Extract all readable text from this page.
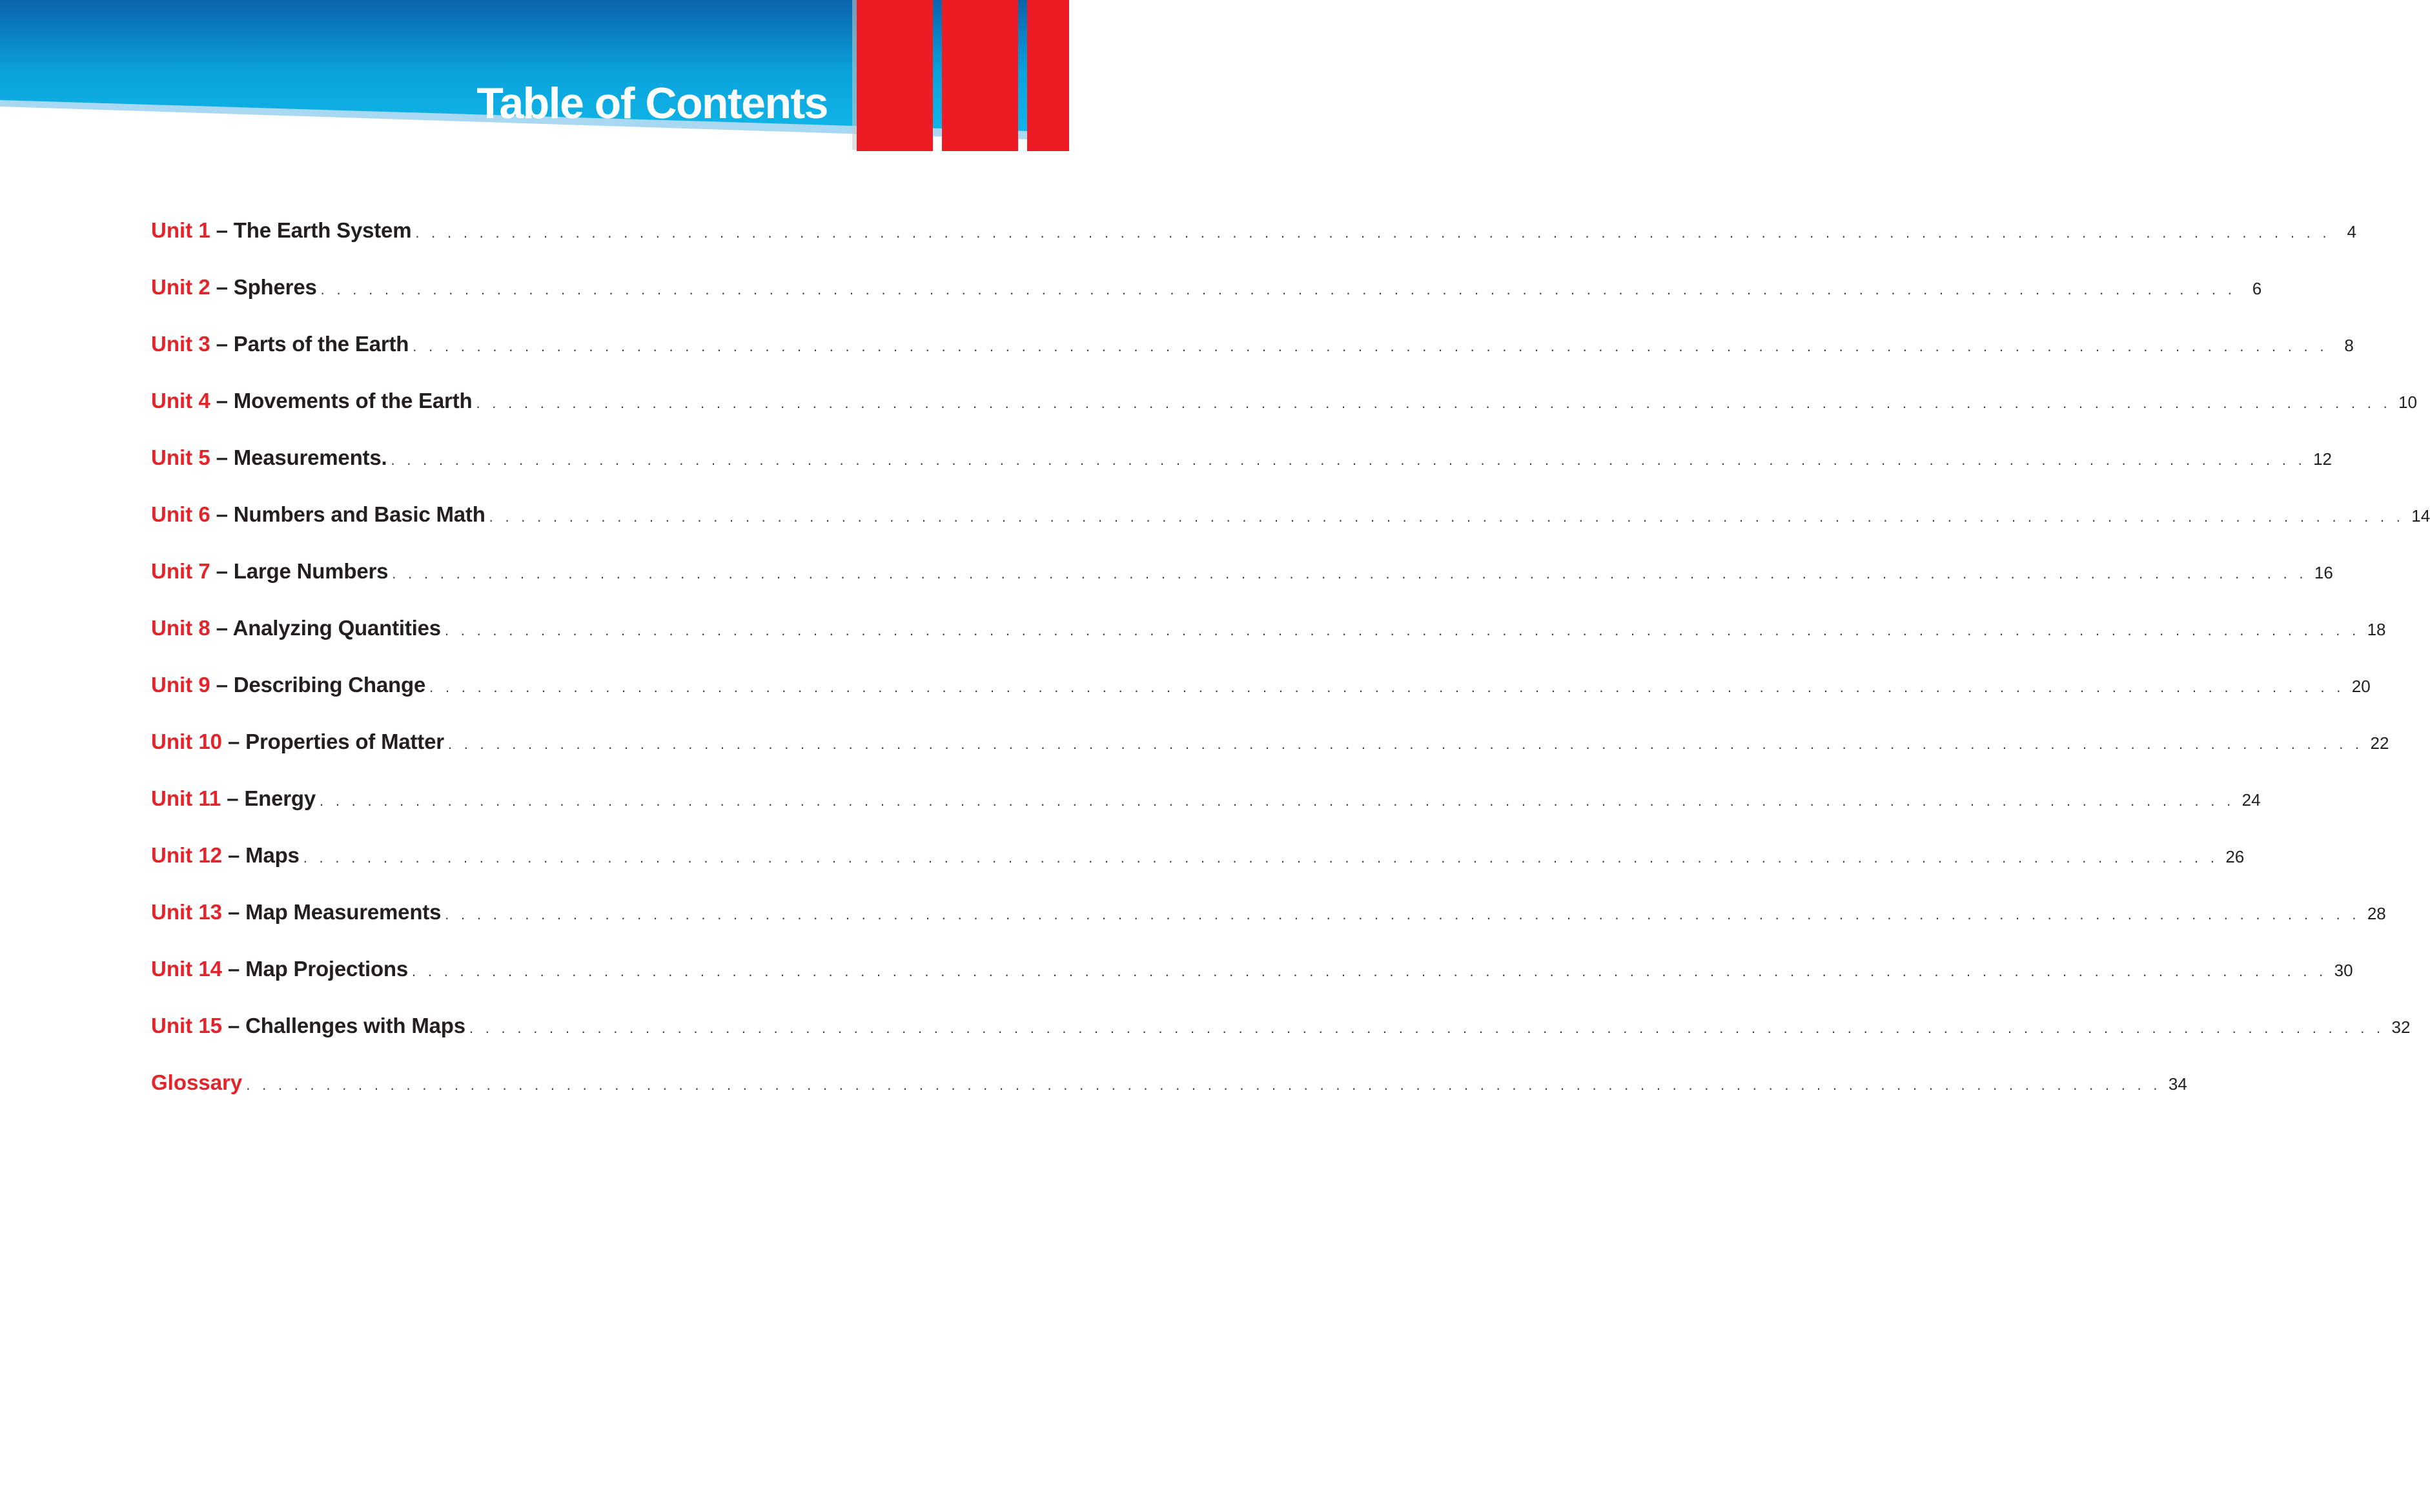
Table of Contents
Unit 1 – The Earth System . . . . . . . . . . . . . . . . . . . . . . . . . . . . . . . . . . . . . . . . . . . . . . . . . . . . . . . . . . . . . . . . . . . . . . . . . . . . . . . . . . . . . . . . . . . . . . . . . . . . . . . . . . . . . . . . . . . . . . . . 4
Unit 2 – Spheres . . . . . . . . . . . . . . . . . . . . . . . . . . . . . . . . . . . . . . . . . . . . . . . . . . . . . . . . . . . . . . . . . . . . . . . . . . . . . . . . . . . . . . . . . . . . . . . . . . . . . . . . . . . . . . . . . . . . . . . . 6
Unit 3 – Parts of the Earth . . . . . . . . . . . . . . . . . . . . . . . . . . . . . . . . . . . . . . . . . . . . . . . . . . . . . . . . . . . . . . . . . . . . . . . . . . . . . . . . . . . . . . . . . . . . . . . . . . . . . . . . . . . . . . . . . . . . . . . . 8
Unit 4 – Movements of the Earth . . . . . . . . . . . . . . . . . . . . . . . . . . . . . . . . . . . . . . . . . . . . . . . . . . . . . . . . . . . . . . . . . . . . . . . . . . . . . . . . . . . . . . . . . . . . . . . . . . . . . . . . . . . . . . . . . . . . . . . . 10
Unit 5 – Measurements. . . . . . . . . . . . . . . . . . . . . . . . . . . . . . . . . . . . . . . . . . . . . . . . . . . . . . . . . . . . . . . . . . . . . . . . . . . . . . . . . . . . . . . . . . . . . . . . . . . . . . . . . . . . . . . . . . . . . . . . . 12
Unit 6 – Numbers and Basic Math . . . . . . . . . . . . . . . . . . . . . . . . . . . . . . . . . . . . . . . . . . . . . . . . . . . . . . . . . . . . . . . . . . . . . . . . . . . . . . . . . . . . . . . . . . . . . . . . . . . . . . . . . . . . . . . . . . . . . . . . 14
Unit 7 – Large Numbers . . . . . . . . . . . . . . . . . . . . . . . . . . . . . . . . . . . . . . . . . . . . . . . . . . . . . . . . . . . . . . . . . . . . . . . . . . . . . . . . . . . . . . . . . . . . . . . . . . . . . . . . . . . . . . . . . . . . . . . . 16
Unit 8 – Analyzing Quantities . . . . . . . . . . . . . . . . . . . . . . . . . . . . . . . . . . . . . . . . . . . . . . . . . . . . . . . . . . . . . . . . . . . . . . . . . . . . . . . . . . . . . . . . . . . . . . . . . . . . . . . . . . . . . . . . . . . . . . . . 18
Unit 9 – Describing Change . . . . . . . . . . . . . . . . . . . . . . . . . . . . . . . . . . . . . . . . . . . . . . . . . . . . . . . . . . . . . . . . . . . . . . . . . . . . . . . . . . . . . . . . . . . . . . . . . . . . . . . . . . . . . . . . . . . . . . . . 20
Unit 10 – Properties of Matter . . . . . . . . . . . . . . . . . . . . . . . . . . . . . . . . . . . . . . . . . . . . . . . . . . . . . . . . . . . . . . . . . . . . . . . . . . . . . . . . . . . . . . . . . . . . . . . . . . . . . . . . . . . . . . . . . . . . . . . . 22
Unit 11 – Energy . . . . . . . . . . . . . . . . . . . . . . . . . . . . . . . . . . . . . . . . . . . . . . . . . . . . . . . . . . . . . . . . . . . . . . . . . . . . . . . . . . . . . . . . . . . . . . . . . . . . . . . . . . . . . . . . . . . . . . . . 24
Unit 12 – Maps . . . . . . . . . . . . . . . . . . . . . . . . . . . . . . . . . . . . . . . . . . . . . . . . . . . . . . . . . . . . . . . . . . . . . . . . . . . . . . . . . . . . . . . . . . . . . . . . . . . . . . . . . . . . . . . . . . . . . . . . 26
Unit 13 – Map Measurements . . . . . . . . . . . . . . . . . . . . . . . . . . . . . . . . . . . . . . . . . . . . . . . . . . . . . . . . . . . . . . . . . . . . . . . . . . . . . . . . . . . . . . . . . . . . . . . . . . . . . . . . . . . . . . . . . . . . . . . . 28
Unit 14 – Map Projections . . . . . . . . . . . . . . . . . . . . . . . . . . . . . . . . . . . . . . . . . . . . . . . . . . . . . . . . . . . . . . . . . . . . . . . . . . . . . . . . . . . . . . . . . . . . . . . . . . . . . . . . . . . . . . . . . . . . . . . . 30
Unit 15 – Challenges with Maps . . . . . . . . . . . . . . . . . . . . . . . . . . . . . . . . . . . . . . . . . . . . . . . . . . . . . . . . . . . . . . . . . . . . . . . . . . . . . . . . . . . . . . . . . . . . . . . . . . . . . . . . . . . . . . . . . . . . . . . . 32
Glossary . . . . . . . . . . . . . . . . . . . . . . . . . . . . . . . . . . . . . . . . . . . . . . . . . . . . . . . . . . . . . . . . . . . . . . . . . . . . . . . . . . . . . . . . . . . . . . . . . . . . . . . . . . . . . . . . . . . . . . . . 34
